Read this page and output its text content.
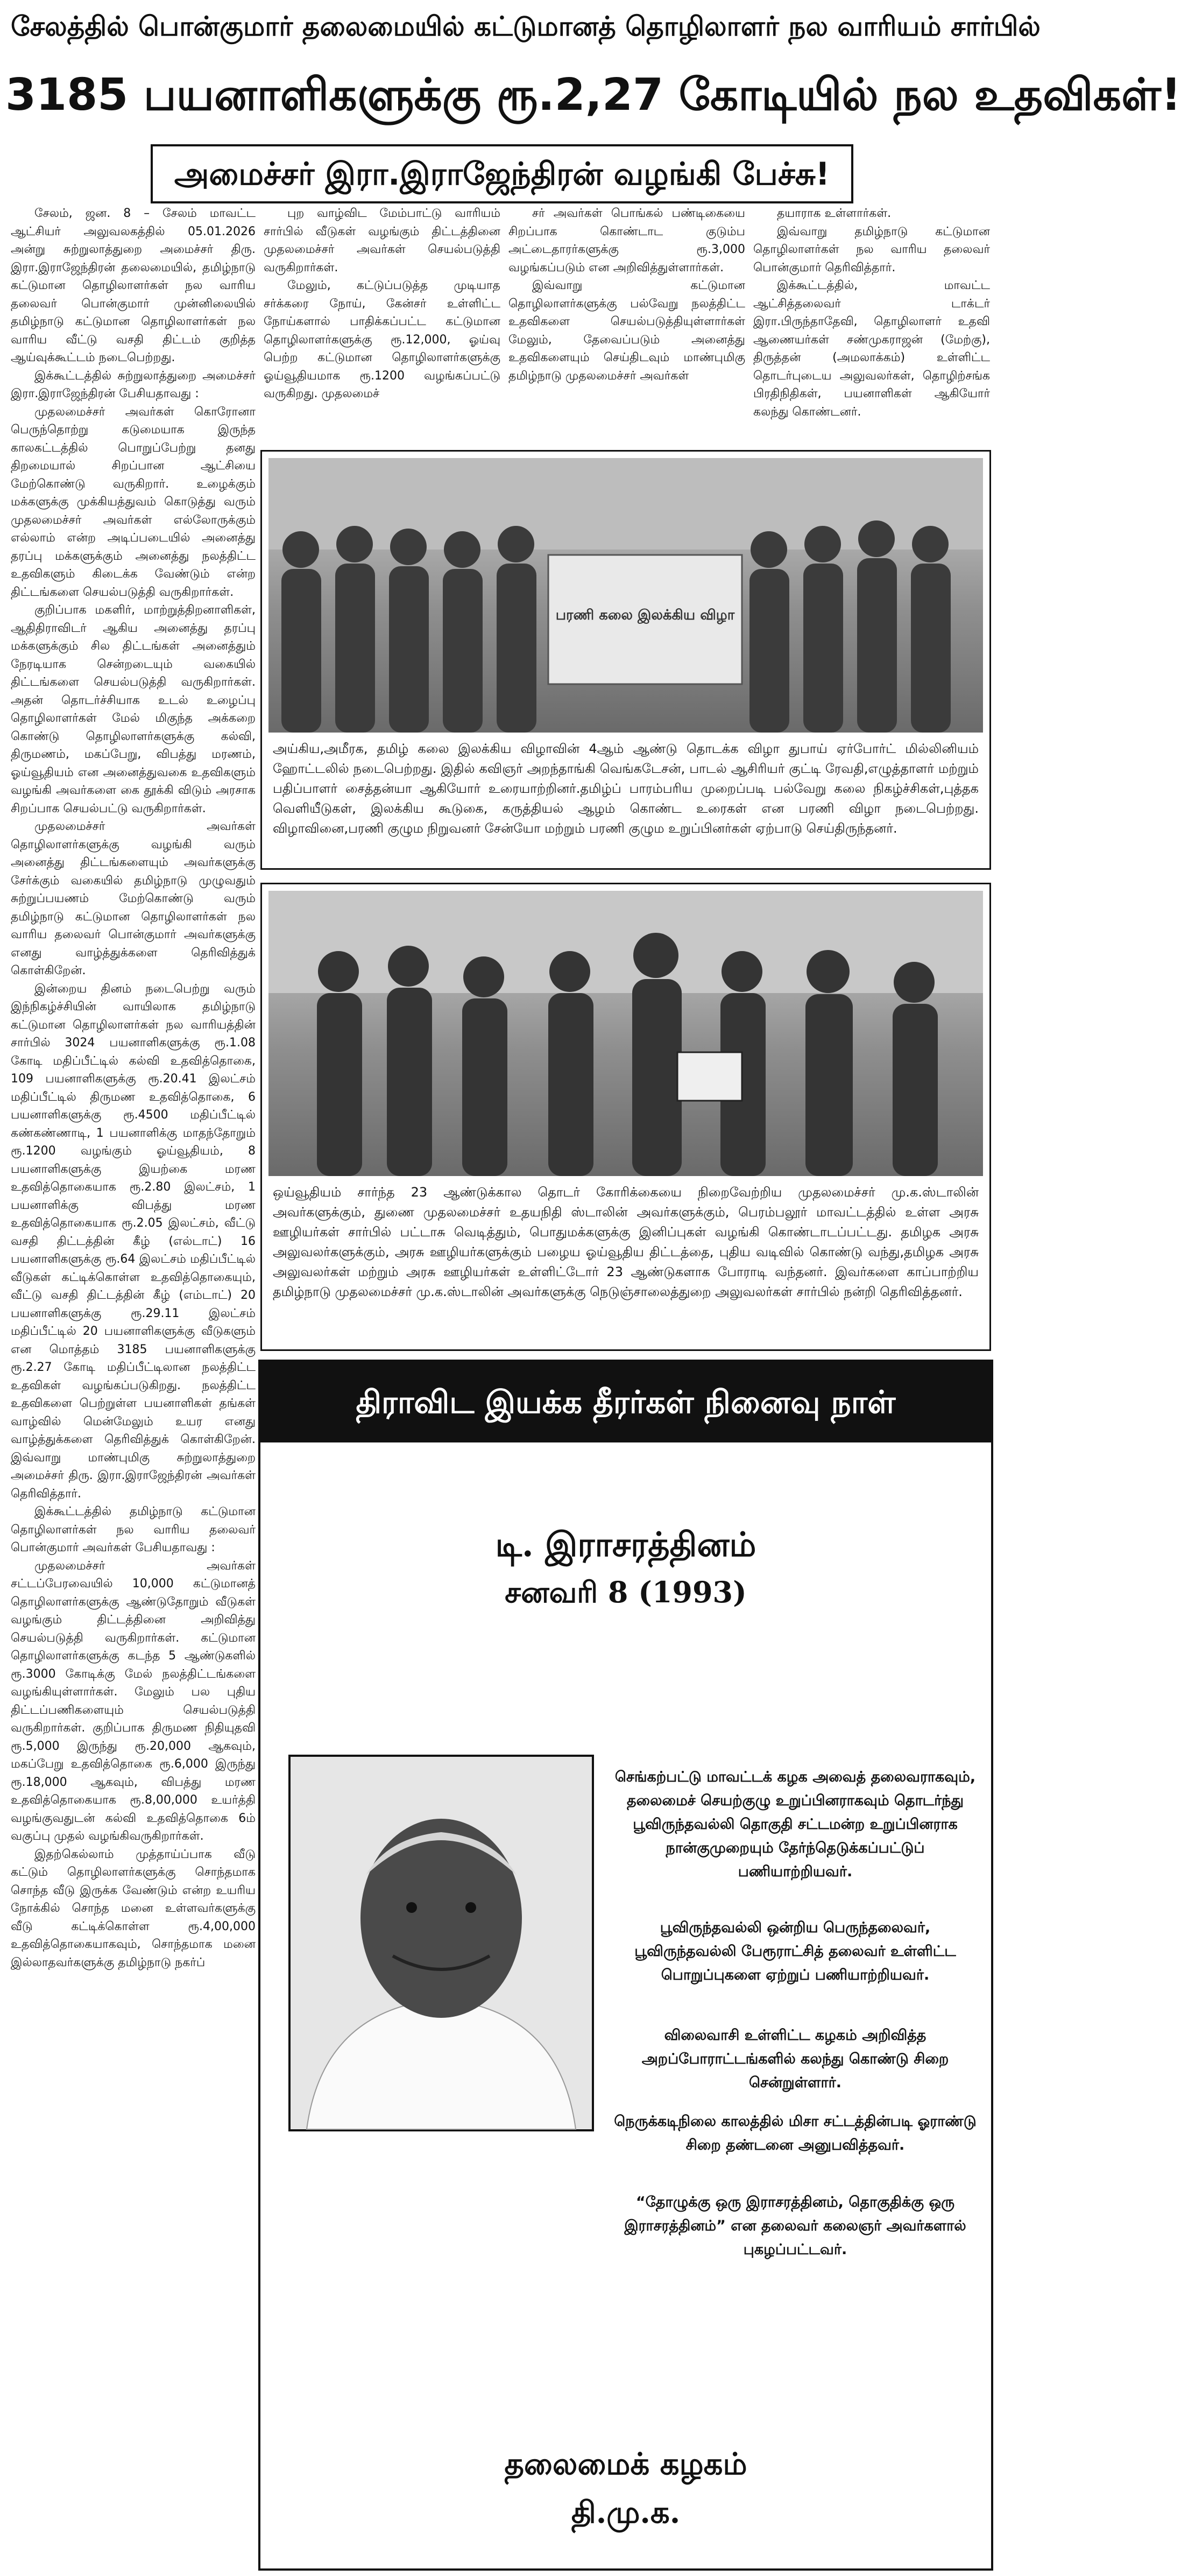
சேலத்தில் பொன்குமார் தலைமையில் கட்டுமானத் தொழிலாளர் நல வாரியம் சார்பில்
3185 பயனாளிகளுக்கு ரூ.2,27 கோடியில் நல உதவிகள்!
அமைச்சர் இரா.இராஜேந்திரன் வழங்கி பேச்சு!

சேலம், ஜன. 8 – சேலம் மாவட்ட ஆட்சியர் அலுவலகத்தில் 05.01.2026 அன்று சுற்றுலாத்துறை அமைச்சர் திரு. இரா.இராஜேந்திரன் தலைமையில், தமிழ்நாடு கட்டுமான தொழிலாளர்கள் நல வாரிய தலைவர் பொன்குமார் முன்னிலையில் தமிழ்நாடு கட்டுமான தொழிலாளர்கள் நல வாரிய வீட்டு வசதி திட்டம் குறித்த ஆய்வுக்கூட்டம் நடைபெற்றது.

இக்கூட்டத்தில் சுற்றுலாத்துறை அமைச்சர் இரா.இராஜேந்திரன் பேசியதாவது :

முதலமைச்சர் அவர்கள் கொரோனா பெருந்தொற்று கடுமையாக இருந்த காலகட்டத்தில் பொறுப்பேற்று தனது திறமையால் சிறப்பான ஆட்சியை மேற்கொண்டு வருகிறார். உழைக்கும் மக்களுக்கு முக்கியத்துவம் கொடுத்து வரும் முதலமைச்சர் அவர்கள் எல்லோருக்கும் எல்லாம் என்ற அடிப்படையில் அனைத்து தரப்பு மக்களுக்கும் அனைத்து நலத்திட்ட உதவிகளும் கிடைக்க வேண்டும் என்ற திட்டங்களை செயல்படுத்தி வருகிறார்கள்.

குறிப்பாக மகளிர், மாற்றுத்திறனாளிகள், ஆதிதிராவிடர் ஆகிய அனைத்து தரப்பு மக்களுக்கும் சில திட்டங்கள் அனைத்தும் நேரடியாக சென்றடையும் வகையில் திட்டங்களை செயல்படுத்தி வருகிறார்கள். அதன் தொடர்ச்சியாக உடல் உழைப்பு தொழிலாளர்கள் மேல் மிகுந்த அக்கறை கொண்டு தொழிலாளர்களுக்கு கல்வி, திருமணம், மகப்பேறு, விபத்து மரணம், ஓய்வூதியம் என அனைத்துவகை உதவிகளும் வழங்கி அவர்களை கை தூக்கி விடும் அரசாக சிறப்பாக செயல்பட்டு வருகிறார்கள்.

முதலமைச்சர் அவர்கள் தொழிலாளர்களுக்கு வழங்கி வரும் அனைத்து திட்டங்களையும் அவர்களுக்கு சேர்க்கும் வகையில் தமிழ்நாடு முழுவதும் சுற்றுப்பயணம் மேற்கொண்டு வரும் தமிழ்நாடு கட்டுமான தொழிலாளர்கள் நல வாரிய தலைவர் பொன்குமார் அவர்களுக்கு எனது வாழ்த்துக்களை தெரிவித்துக் கொள்கிறேன்.

இன்றைய தினம் நடைபெற்று வரும் இந்நிகழ்ச்சியின் வாயிலாக தமிழ்நாடு கட்டுமான தொழிலாளர்கள் நல வாரியத்தின் சார்பில் 3024 பயனாளிகளுக்கு ரூ.1.08 கோடி மதிப்பீட்டில் கல்வி உதவித்தொகை, 109 பயனாளிகளுக்கு ரூ.20.41 இலட்சம் மதிப்பீட்டில் திருமண உதவித்தொகை, 6 பயனாளிகளுக்கு ரூ.4500 மதிப்பீட்டில் கண்கண்ணாடி, 1 பயனாளிக்கு மாதந்தோறும் ரூ.1200 வழங்கும் ஓய்வூதியம், 8 பயனாளிகளுக்கு இயற்கை மரண உதவித்தொகையாக ரூ.2.80 இலட்சம், 1 பயனாளிக்கு விபத்து மரண உதவித்தொகையாக ரூ.2.05 இலட்சம், வீட்டு வசதி திட்டத்தின் கீழ் (எல்டாட்) 16 பயனாளிகளுக்கு ரூ.64 இலட்சம் மதிப்பீட்டில் வீடுகள் கட்டிக்கொள்ள உதவித்தொகையும், வீட்டு வசதி திட்டத்தின் கீழ் (எம்டாட்) 20 பயனாளிகளுக்கு ரூ.29.11 இலட்சம் மதிப்பீட்டில் 20 பயனாளிகளுக்கு வீடுகளும் என மொத்தம் 3185 பயனாளிகளுக்கு ரூ.2.27 கோடி மதிப்பீட்டிலான நலத்திட்ட உதவிகள் வழங்கப்படுகிறது. நலத்திட்ட உதவிகளை பெற்றுள்ள பயனாளிகள் தங்கள் வாழ்வில் மென்மேலும் உயர எனது வாழ்த்துக்களை தெரிவித்துக் கொள்கிறேன். இவ்வாறு மாண்புமிகு சுற்றுலாத்துறை அமைச்சர் திரு. இரா.இராஜேந்திரன் அவர்கள் தெரிவித்தார்.

இக்கூட்டத்தில் தமிழ்நாடு கட்டுமான தொழிலாளர்கள் நல வாரிய தலைவர் பொன்குமார் அவர்கள் பேசியதாவது :

முதலமைச்சர் அவர்கள் சட்டப்பேரவையில் 10,000 கட்டுமானத் தொழிலாளர்களுக்கு ஆண்டுதோறும் வீடுகள் வழங்கும் திட்டத்தினை அறிவித்து செயல்படுத்தி வருகிறார்கள். கட்டுமான தொழிலாளர்களுக்கு கடந்த 5 ஆண்டுகளில் ரூ.3000 கோடிக்கு மேல் நலத்திட்டங்களை வழங்கியுள்ளார்கள். மேலும் பல புதிய திட்டப்பணிகளையும் செயல்படுத்தி வருகிறார்கள். குறிப்பாக திருமண நிதியுதவி ரூ.5,000 இருந்து ரூ.20,000 ஆகவும், மகப்பேறு உதவித்தொகை ரூ.6,000 இருந்து ரூ.18,000 ஆகவும், விபத்து மரண உதவித்தொகையாக ரூ.8,00,000 உயர்த்தி வழங்குவதுடன் கல்வி உதவித்தொகை 6ம் வகுப்பு முதல் வழங்கிவருகிறார்கள்.

இதற்கெல்லாம் முத்தாய்ப்பாக வீடு கட்டும் தொழிலாளர்களுக்கு சொந்தமாக சொந்த வீடு இருக்க வேண்டும் என்ற உயரிய நோக்கில் சொந்த மனை உள்ளவர்களுக்கு வீடு கட்டிக்கொள்ள ரூ.4,00,000 உதவித்தொகையாகவும், சொந்தமாக மனை இல்லாதவர்களுக்கு தமிழ்நாடு நகர்ப்

புற வாழ்விட மேம்பாட்டு வாரியம் சார்பில் வீடுகள் வழங்கும் திட்டத்தினை முதலமைச்சர் அவர்கள் செயல்படுத்தி வருகிறார்கள்.

மேலும், கட்டுப்படுத்த முடியாத சர்க்கரை நோய், கேன்சர் உள்ளிட்ட நோய்களால் பாதிக்கப்பட்ட கட்டுமான தொழிலாளர்களுக்கு ரூ.12,000, ஓய்வு பெற்ற கட்டுமான தொழிலாளர்களுக்கு ஓய்வூதியமாக ரூ.1200 வழங்கப்பட்டு வருகிறது. முதலமைச்

சர் அவர்கள் பொங்கல் பண்டிகையை சிறப்பாக கொண்டாட குடும்ப அட்டைதாரர்களுக்கு ரூ.3,000 வழங்கப்படும் என அறிவித்துள்ளார்கள்.

இவ்வாறு கட்டுமான தொழிலாளர்களுக்கு பல்வேறு நலத்திட்ட உதவிகளை செயல்படுத்தியுள்ளார்கள் மேலும், தேவைப்படும் அனைத்து உதவிகளையும் செய்திடவும் மாண்புமிகு தமிழ்நாடு முதலமைச்சர் அவர்கள்

தயாராக உள்ளார்கள்.

இவ்வாறு தமிழ்நாடு கட்டுமான தொழிலாளர்கள் நல வாரிய தலைவர் பொன்குமார் தெரிவித்தார்.

இக்கூட்டத்தில், மாவட்ட ஆட்சித்தலைவர் டாக்டர் இரா.பிருந்தாதேவி, தொழிலாளர் உதவி ஆணையர்கள் சண்முகராஜன் (மேற்கு), திருத்தன் (அமலாக்கம்) உள்ளிட்ட தொடர்புடைய அலுவலர்கள், தொழிற்சங்க பிரதிநிதிகள், பயனாளிகள் ஆகியோர் கலந்து கொண்டனர்.

பரணி கலை இலக்கிய விழா
அய்கிய,அமீரக, தமிழ் கலை இலக்கிய விழாவின் 4ஆம் ஆண்டு தொடக்க விழா துபாய் ஏர்போர்ட் மில்லினியம் ஹோட்டலில் நடைபெற்றது. இதில் கவிஞர் அறந்தாங்கி வெங்கடேசன், பாடல் ஆசிரியர் குட்டி ரேவதி,எழுத்தாளர் மற்றும் பதிப்பாளர் சைத்தன்யா ஆகியோர் உரையாற்றினர்.தமிழ்ப் பாரம்பரிய முறைப்படி பல்வேறு கலை நிகழ்ச்சிகள்,புத்தக வெளியீடுகள், இலக்கிய கூடுகை, கருத்தியல் ஆழம் கொண்ட உரைகள் என பரணி விழா நடைபெற்றது. விழாவினை,பரணி குழும நிறுவனர் சேன்யோ மற்றும் பரணி குழும உறுப்பினர்கள் ஏற்பாடு செய்திருந்தனர்.
ஒய்வூதியம் சார்ந்த 23 ஆண்டுக்கால தொடர் கோரிக்கையை நிறைவேற்றிய முதலமைச்சர் மு.க.ஸ்டாலின் அவர்களுக்கும், துணை முதலமைச்சர் உதயநிதி ஸ்டாலின் அவர்களுக்கும், பெரம்பலூர் மாவட்டத்தில் உள்ள அரசு ஊழியர்கள் சார்பில் பட்டாசு வெடித்தும், பொதுமக்களுக்கு இனிப்புகள் வழங்கி கொண்டாடப்பட்டது. தமிழக அரசு அலுவலர்களுக்கும், அரசு ஊழியர்களுக்கும் பழைய ஓய்வூதிய திட்டத்தை, புதிய வடிவில் கொண்டு வந்து,தமிழக அரசு அலுவலர்கள் மற்றும் அரசு ஊழியர்கள் உள்ளிட்டோர் 23 ஆண்டுகளாக போராடி வந்தனர். இவர்களை காப்பாற்றிய தமிழ்நாடு முதலமைச்சர் மு.க.ஸ்டாலின் அவர்களுக்கு நெடுஞ்சாலைத்துறை அலுவலர்கள் சார்பில் நன்றி தெரிவித்தனர்.
திராவிட இயக்க தீரர்கள் நினைவு நாள்
டி. இராசரத்தினம்
சனவரி 8 (1993)
செங்கற்பட்டு மாவட்டக் கழக அவைத் தலைவராகவும், தலைமைச் செயற்குழு உறுப்பினராகவும் தொடர்ந்து பூவிருந்தவல்லி தொகுதி சட்டமன்ற உறுப்பினராக நான்குமுறையும் தேர்ந்தெடுக்கப்பட்டுப் பணியாற்றியவர்.
பூவிருந்தவல்லி ஒன்றிய பெருந்தலைவர், பூவிருந்தவல்லி பேரூராட்சித் தலைவர் உள்ளிட்ட பொறுப்புகளை ஏற்றுப் பணியாற்றியவர்.
விலைவாசி உள்ளிட்ட கழகம் அறிவித்த அறப்போராட்டங்களில் கலந்து கொண்டு சிறை சென்றுள்ளார்.
நெருக்கடிநிலை காலத்தில் மிசா சட்டத்தின்படி ஓராண்டு சிறை தண்டனை அனுபவித்தவர்.
“தோழுக்கு ஒரு இராசரத்தினம், தொகுதிக்கு ஒரு இராசரத்தினம்” என தலைவர் கலைஞர் அவர்களால் புகழப்பட்டவர்.
தலைமைக் கழகம்
தி.மு.க.
